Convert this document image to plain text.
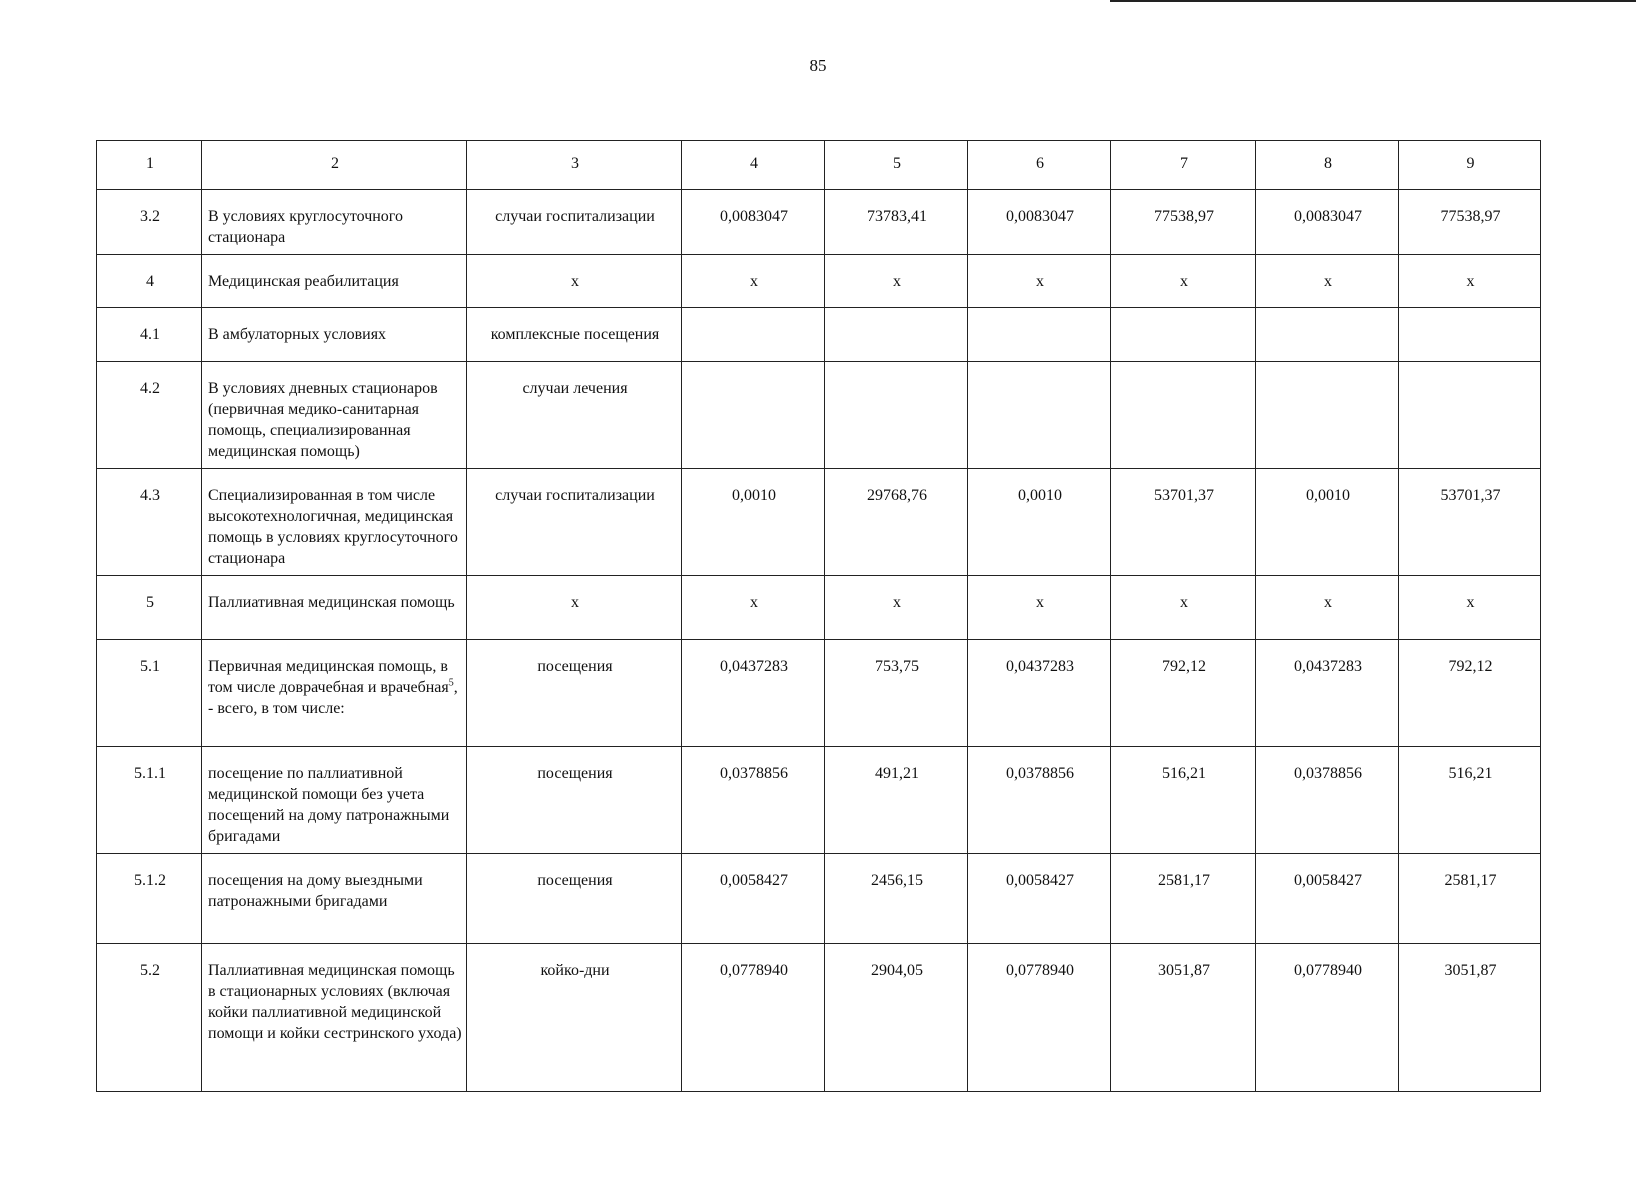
85
1	2	3	4	5	6	7	8	9
3.2	В условиях круглосуточного стационара	случаи госпитализации	0,0083047	73783,41	0,0083047	77538,97	0,0083047	77538,97
4	Медицинская реабилитация	х	х	х	х	х	х	х
4.1	В амбулаторных условиях	комплексные посещения						
4.2	В условиях дневных стационаров (первичная медико-санитарная помощь, специализированная медицинская помощь)	случаи лечения						
4.3	Специализированная в том числе высокотехнологичная, медицинская помощь в условиях круглосуточного стационара	случаи госпитализации	0,0010	29768,76	0,0010	53701,37	0,0010	53701,37
5	Паллиативная медицинская помощь	х	х	х	х	х	х	х
5.1	Первичная медицинская помощь, в том числе доврачебная и врачебная$^5$, - всего, в том числе:	посещения	0,0437283	753,75	0,0437283	792,12	0,0437283	792,12
5.1.1	посещение по паллиативной медицинской помощи без учета посещений на дому патронажными бригадами	посещения	0,0378856	491,21	0,0378856	516,21	0,0378856	516,21
5.1.2	посещения на дому выездными патронажными бригадами	посещения	0,0058427	2456,15	0,0058427	2581,17	0,0058427	2581,17
5.2	Паллиативная медицинская помощь в стационарных условиях (включая койки паллиативной медицинской помощи и койки сестринского ухода)	койко-дни	0,0778940	2904,05	0,0778940	3051,87	0,0778940	3051,87
